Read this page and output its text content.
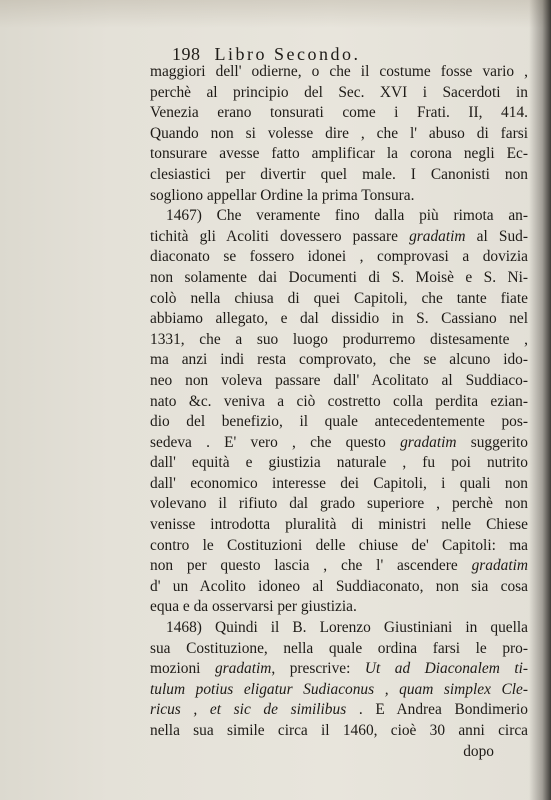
198 Libro Secondo.
maggiori dell' odierne, o che il costume fosse vario ,
perchè al principio del Sec. XVI i Sacerdoti in
Venezia erano tonsurati come i Frati. II, 414.
Quando non si volesse dire , che l' abuso di farsi
tonsurare avesse fatto amplificar la corona negli Ec-
clesiastici per divertir quel male. I Canonisti non
sogliono appellar Ordine la prima Tonsura.
1467) Che veramente fino dalla più rimota an-
tichità gli Acoliti dovessero passare gradatim al Sud-
diaconato se fossero idonei , comprovasi a dovizia
non solamente dai Documenti di S. Moisè e S. Ni-
colò nella chiusa di quei Capitoli, che tante fiate
abbiamo allegato, e dal dissidio in S. Cassiano nel
1331, che a suo luogo produrremo distesamente ,
ma anzi indi resta comprovato, che se alcuno ido-
neo non voleva passare dall' Acolitato al Suddiaco-
nato &c. veniva a ciò costretto colla perdita ezian-
dio del benefizio, il quale antecedentemente pos-
sedeva . E' vero , che questo gradatim suggerito
dall' equità e giustizia naturale , fu poi nutrito
dall' economico interesse dei Capitoli, i quali non
volevano il rifiuto dal grado superiore , perchè non
venisse introdotta pluralità di ministri nelle Chiese
contro le Costituzioni delle chiuse de' Capitoli: ma
non per questo lascia , che l' ascendere gradatim
d' un Acolito idoneo al Suddiaconato, non sia cosa
equa e da osservarsi per giustizia.
1468) Quindi il B. Lorenzo Giustiniani in quella
sua Costituzione, nella quale ordina farsi le pro-
mozioni gradatim, prescrive: Ut ad Diaconalem ti-
tulum potius eligatur Sudiaconus , quam simplex Cle-
ricus , et sic de similibus . E Andrea Bondimerio
nella sua simile circa il 1460, cioè 30 anni circa
dopo
